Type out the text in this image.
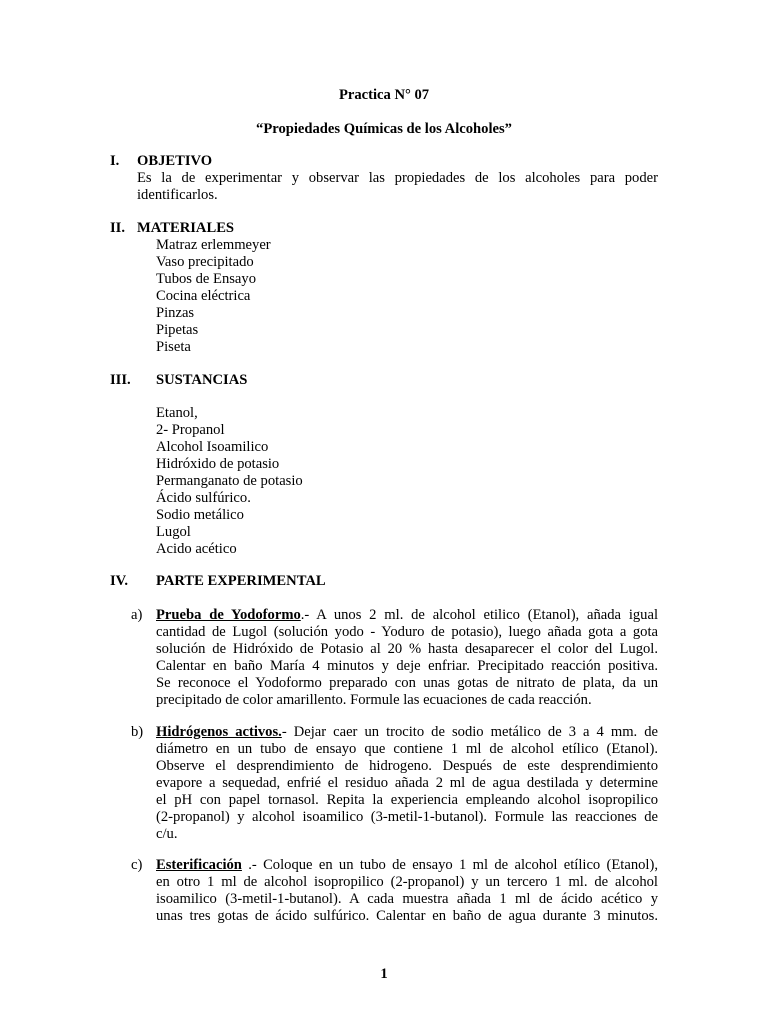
Practica N° 07
“Propiedades Químicas de los Alcoholes”
I. OBJETIVO
Es la de experimentar y observar las propiedades de los alcoholes para poder
identificarlos.
II. MATERIALES
Matraz erlemmeyer
Vaso precipitado
Tubos de Ensayo
Cocina eléctrica
Pinzas
Pipetas
Piseta
III. SUSTANCIAS
Etanol,
2- Propanol
Alcohol Isoamilico
Hidróxido de potasio
Permanganato de potasio
Ácido sulfúrico.
Sodio metálico
Lugol
Acido acético
IV. PARTE EXPERIMENTAL
a) Prueba de Yodoformo.- A unos 2 ml. de alcohol etilico (Etanol), añada igual
cantidad de Lugol (solución yodo - Yoduro de potasio), luego añada gota a gota
solución de Hidróxido de Potasio al 20 % hasta desaparecer el color del Lugol.
Calentar en baño María 4 minutos y deje enfriar. Precipitado reacción positiva.
Se reconoce el Yodoformo preparado con unas gotas de nitrato de plata, da un
precipitado de color amarillento. Formule las ecuaciones de cada reacción.
b) Hidrógenos activos.- Dejar caer un trocito de sodio metálico de 3 a 4 mm. de
diámetro en un tubo de ensayo que contiene 1 ml de alcohol etílico (Etanol).
Observe el desprendimiento de hidrogeno. Después de este desprendimiento
evapore a sequedad, enfrié el residuo añada 2 ml de agua destilada y determine
el pH con papel tornasol. Repita la experiencia empleando alcohol isopropilico
(2-propanol) y alcohol isoamilico (3-metil-1-butanol). Formule las reacciones de
c/u.
c) Esterificación .- Coloque en un tubo de ensayo 1 ml de alcohol etílico (Etanol),
en otro 1 ml de alcohol isopropilico (2-propanol) y un tercero 1 ml. de alcohol
isoamilico (3-metil-1-butanol). A cada muestra añada 1 ml de ácido acético y
unas tres gotas de ácido sulfúrico. Calentar en baño de agua durante 3 minutos.
1
